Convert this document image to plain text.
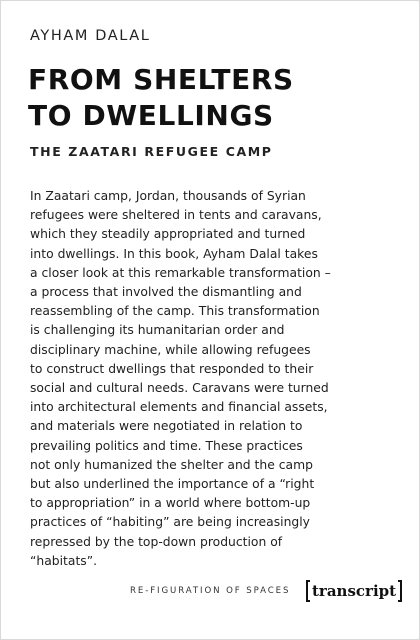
AYHAM DALAL
FROM SHELTERS
TO DWELLINGS
THE ZAATARI REFUGEE CAMP
In Zaatari camp, Jordan, thousands of Syrian
refugees were sheltered in tents and caravans,
which they steadily appropriated and turned
into dwellings. In this book, Ayham Dalal takes
a closer look at this remarkable transformation –
a process that involved the dismantling and
reassembling of the camp. This transformation
is challenging its humanitarian order and
disciplinary machine, while allowing refugees
to construct dwellings that responded to their
social and cultural needs. Caravans were turned
into architectural elements and financial assets,
and materials were negotiated in relation to
prevailing politics and time. These practices
not only humanized the shelter and the camp
but also underlined the importance of a “right
to appropriation” in a world where bottom-up
practices of “habiting” are being increasingly
repressed by the top-down production of
“habitats”.
RE-FIGURATION OF SPACES transcript
